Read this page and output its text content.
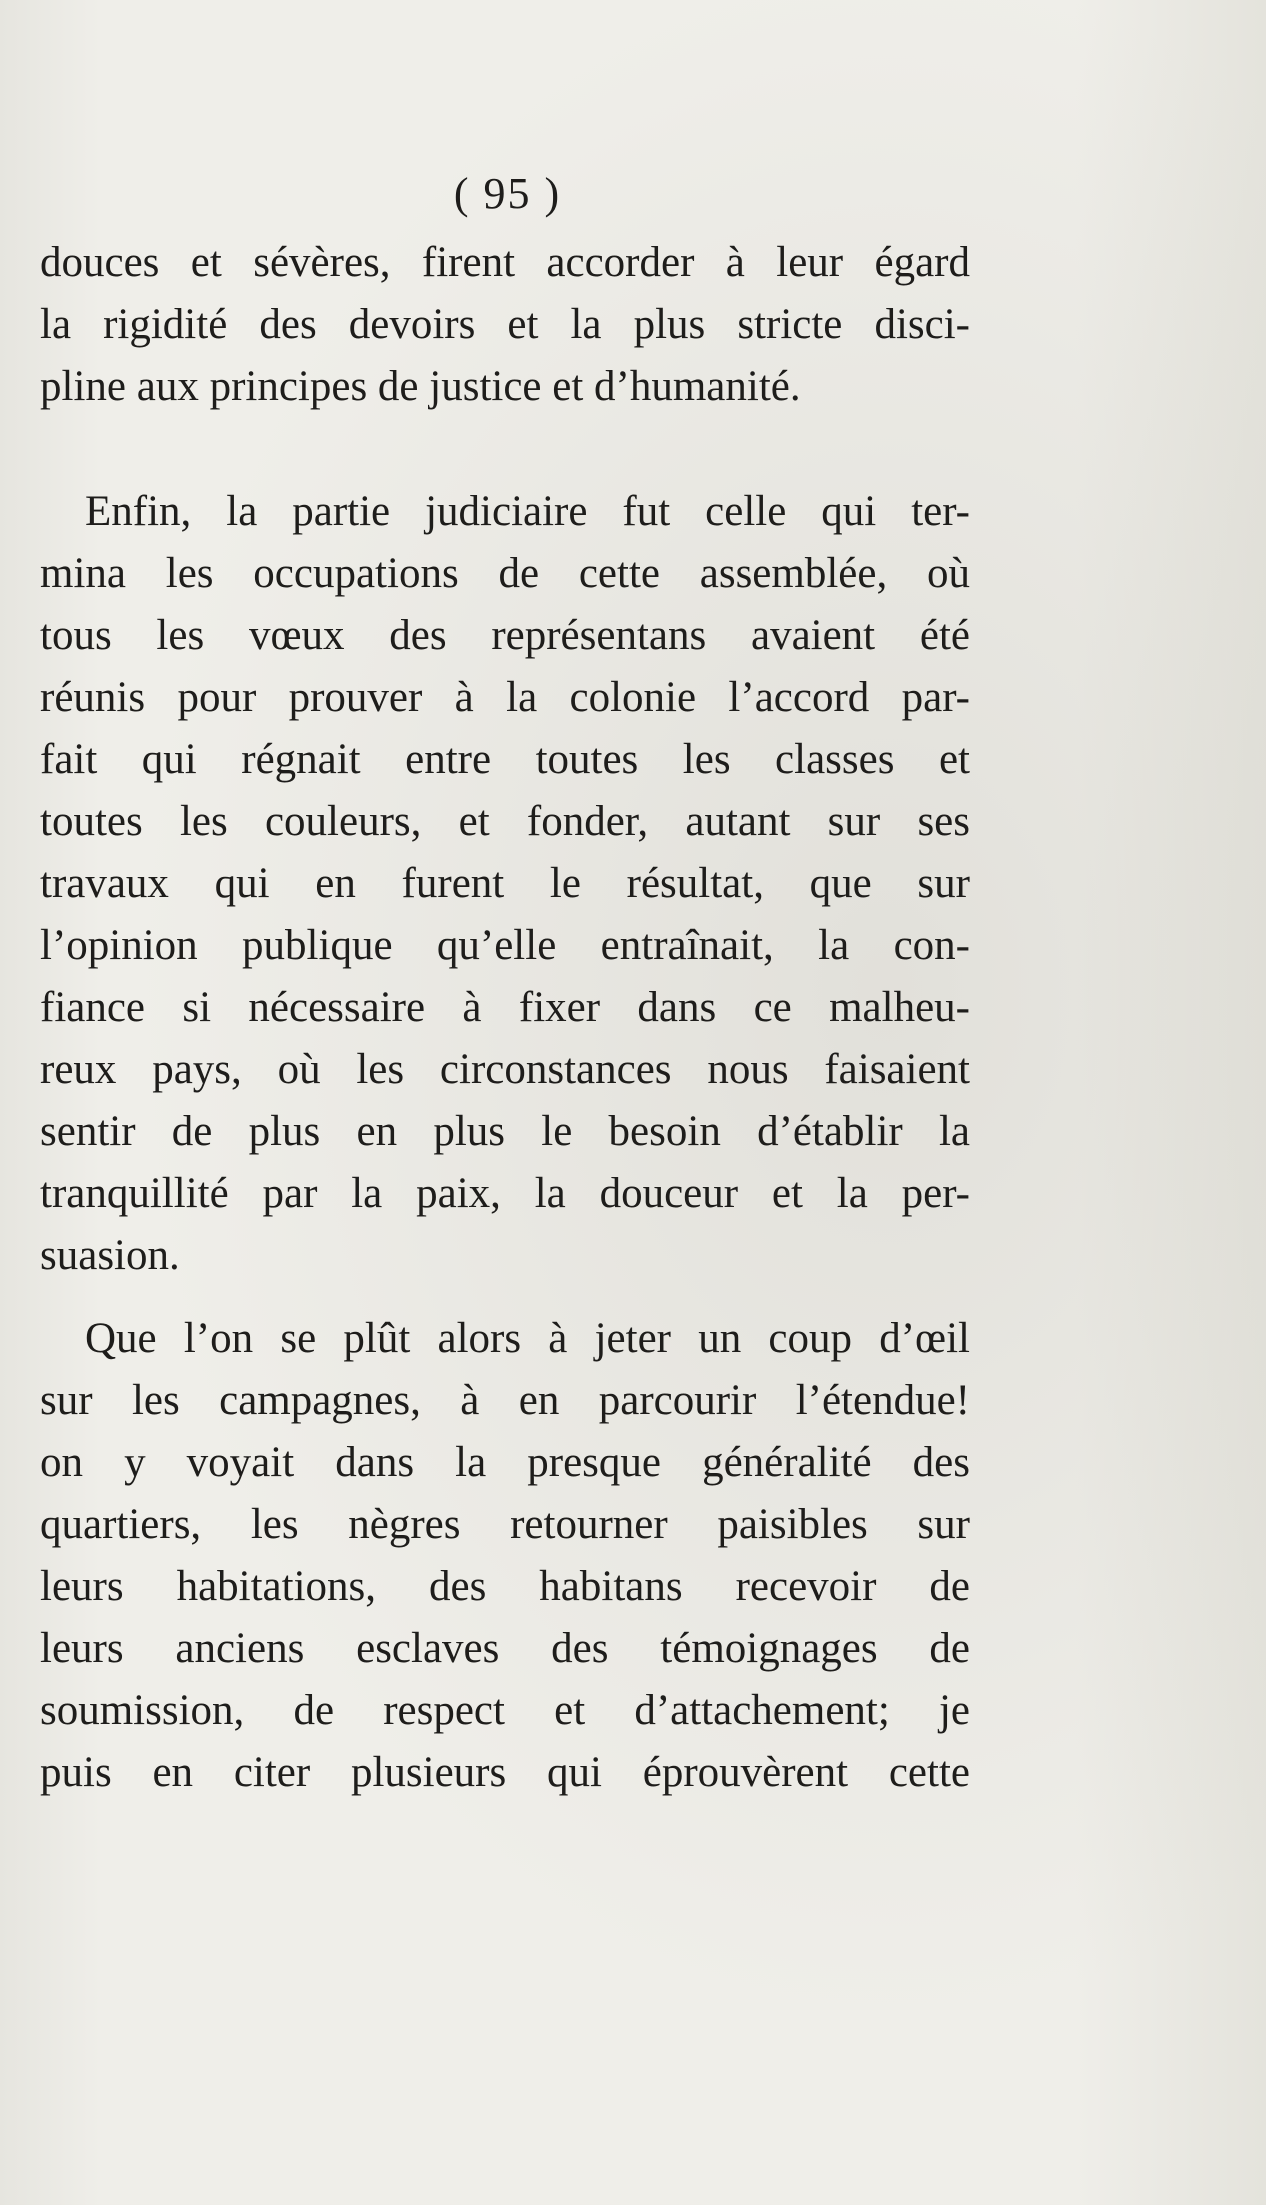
( 95 )

douces et sévères, firent accorder à leur égard
la rigidité des devoirs et la plus stricte disci-
pline aux principes de justice et d’humanité.

Enfin, la partie judiciaire fut celle qui ter-
mina les occupations de cette assemblée, où
tous les vœux des représentans avaient été
réunis pour prouver à la colonie l’accord par-
fait qui régnait entre toutes les classes et
toutes les couleurs, et fonder, autant sur ses
travaux qui en furent le résultat, que sur
l’opinion publique qu’elle entraînait, la con-
fiance si nécessaire à fixer dans ce malheu-
reux pays, où les circonstances nous faisaient
sentir de plus en plus le besoin d’établir la
tranquillité par la paix, la douceur et la per-
suasion.

Que l’on se plût alors à jeter un coup d’œil
sur les campagnes, à en parcourir l’étendue!
on y voyait dans la presque généralité des
quartiers, les nègres retourner paisibles sur
leurs habitations, des habitans recevoir de
leurs anciens esclaves des témoignages de
soumission, de respect et d’attachement; je
puis en citer plusieurs qui éprouvèrent cette
